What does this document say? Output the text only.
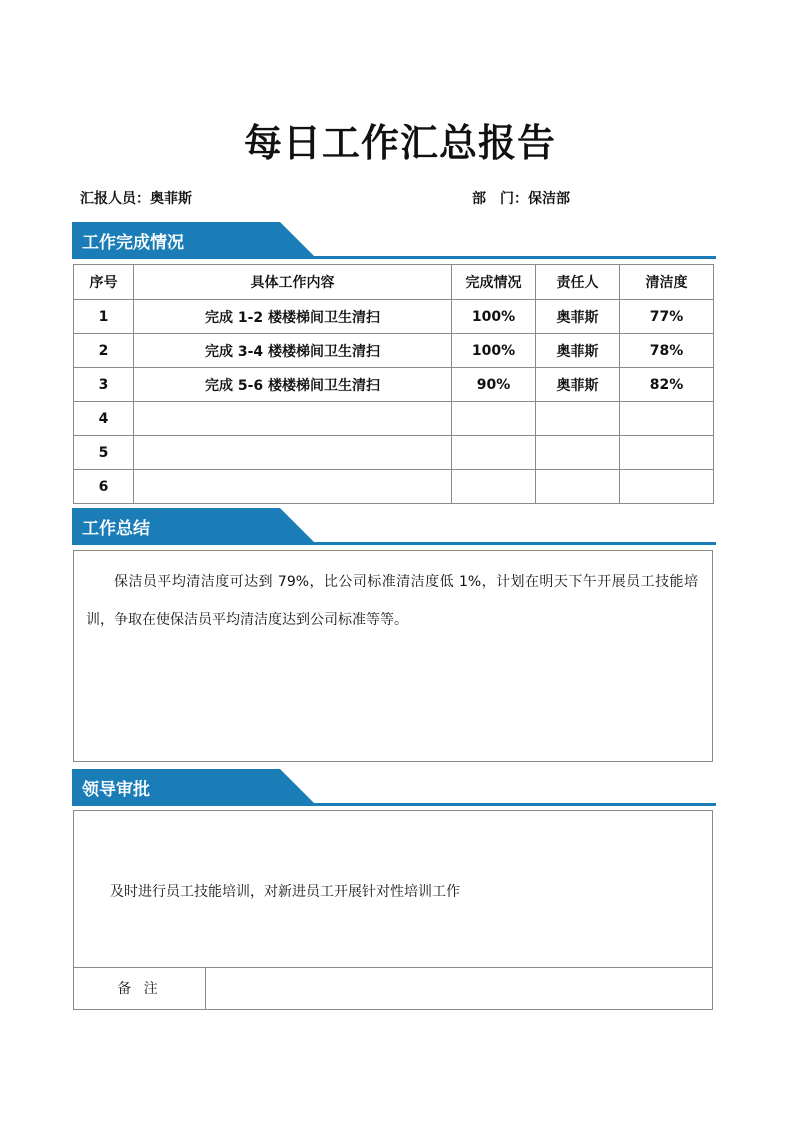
每日工作汇总报告
汇报人员：奥菲斯	部　门：保洁部
工作完成情况
序号	具体工作内容	完成情况	责任人	清洁度
1	完成 1-2 楼楼梯间卫生清扫	100%	奥菲斯	77%
2	完成 3-4 楼楼梯间卫生清扫	100%	奥菲斯	78%
3	完成 5-6 楼楼梯间卫生清扫	90%	奥菲斯	82%
4				
5				
6				
工作总结
保洁员平均清洁度可达到 79%，比公司标准清洁度低 1%，计划在明天下午开展员工技能培训，争取在使保洁员平均清洁度达到公司标准等等。
领导审批
及时进行员工技能培训，对新进员工开展针对性培训工作
备 注
